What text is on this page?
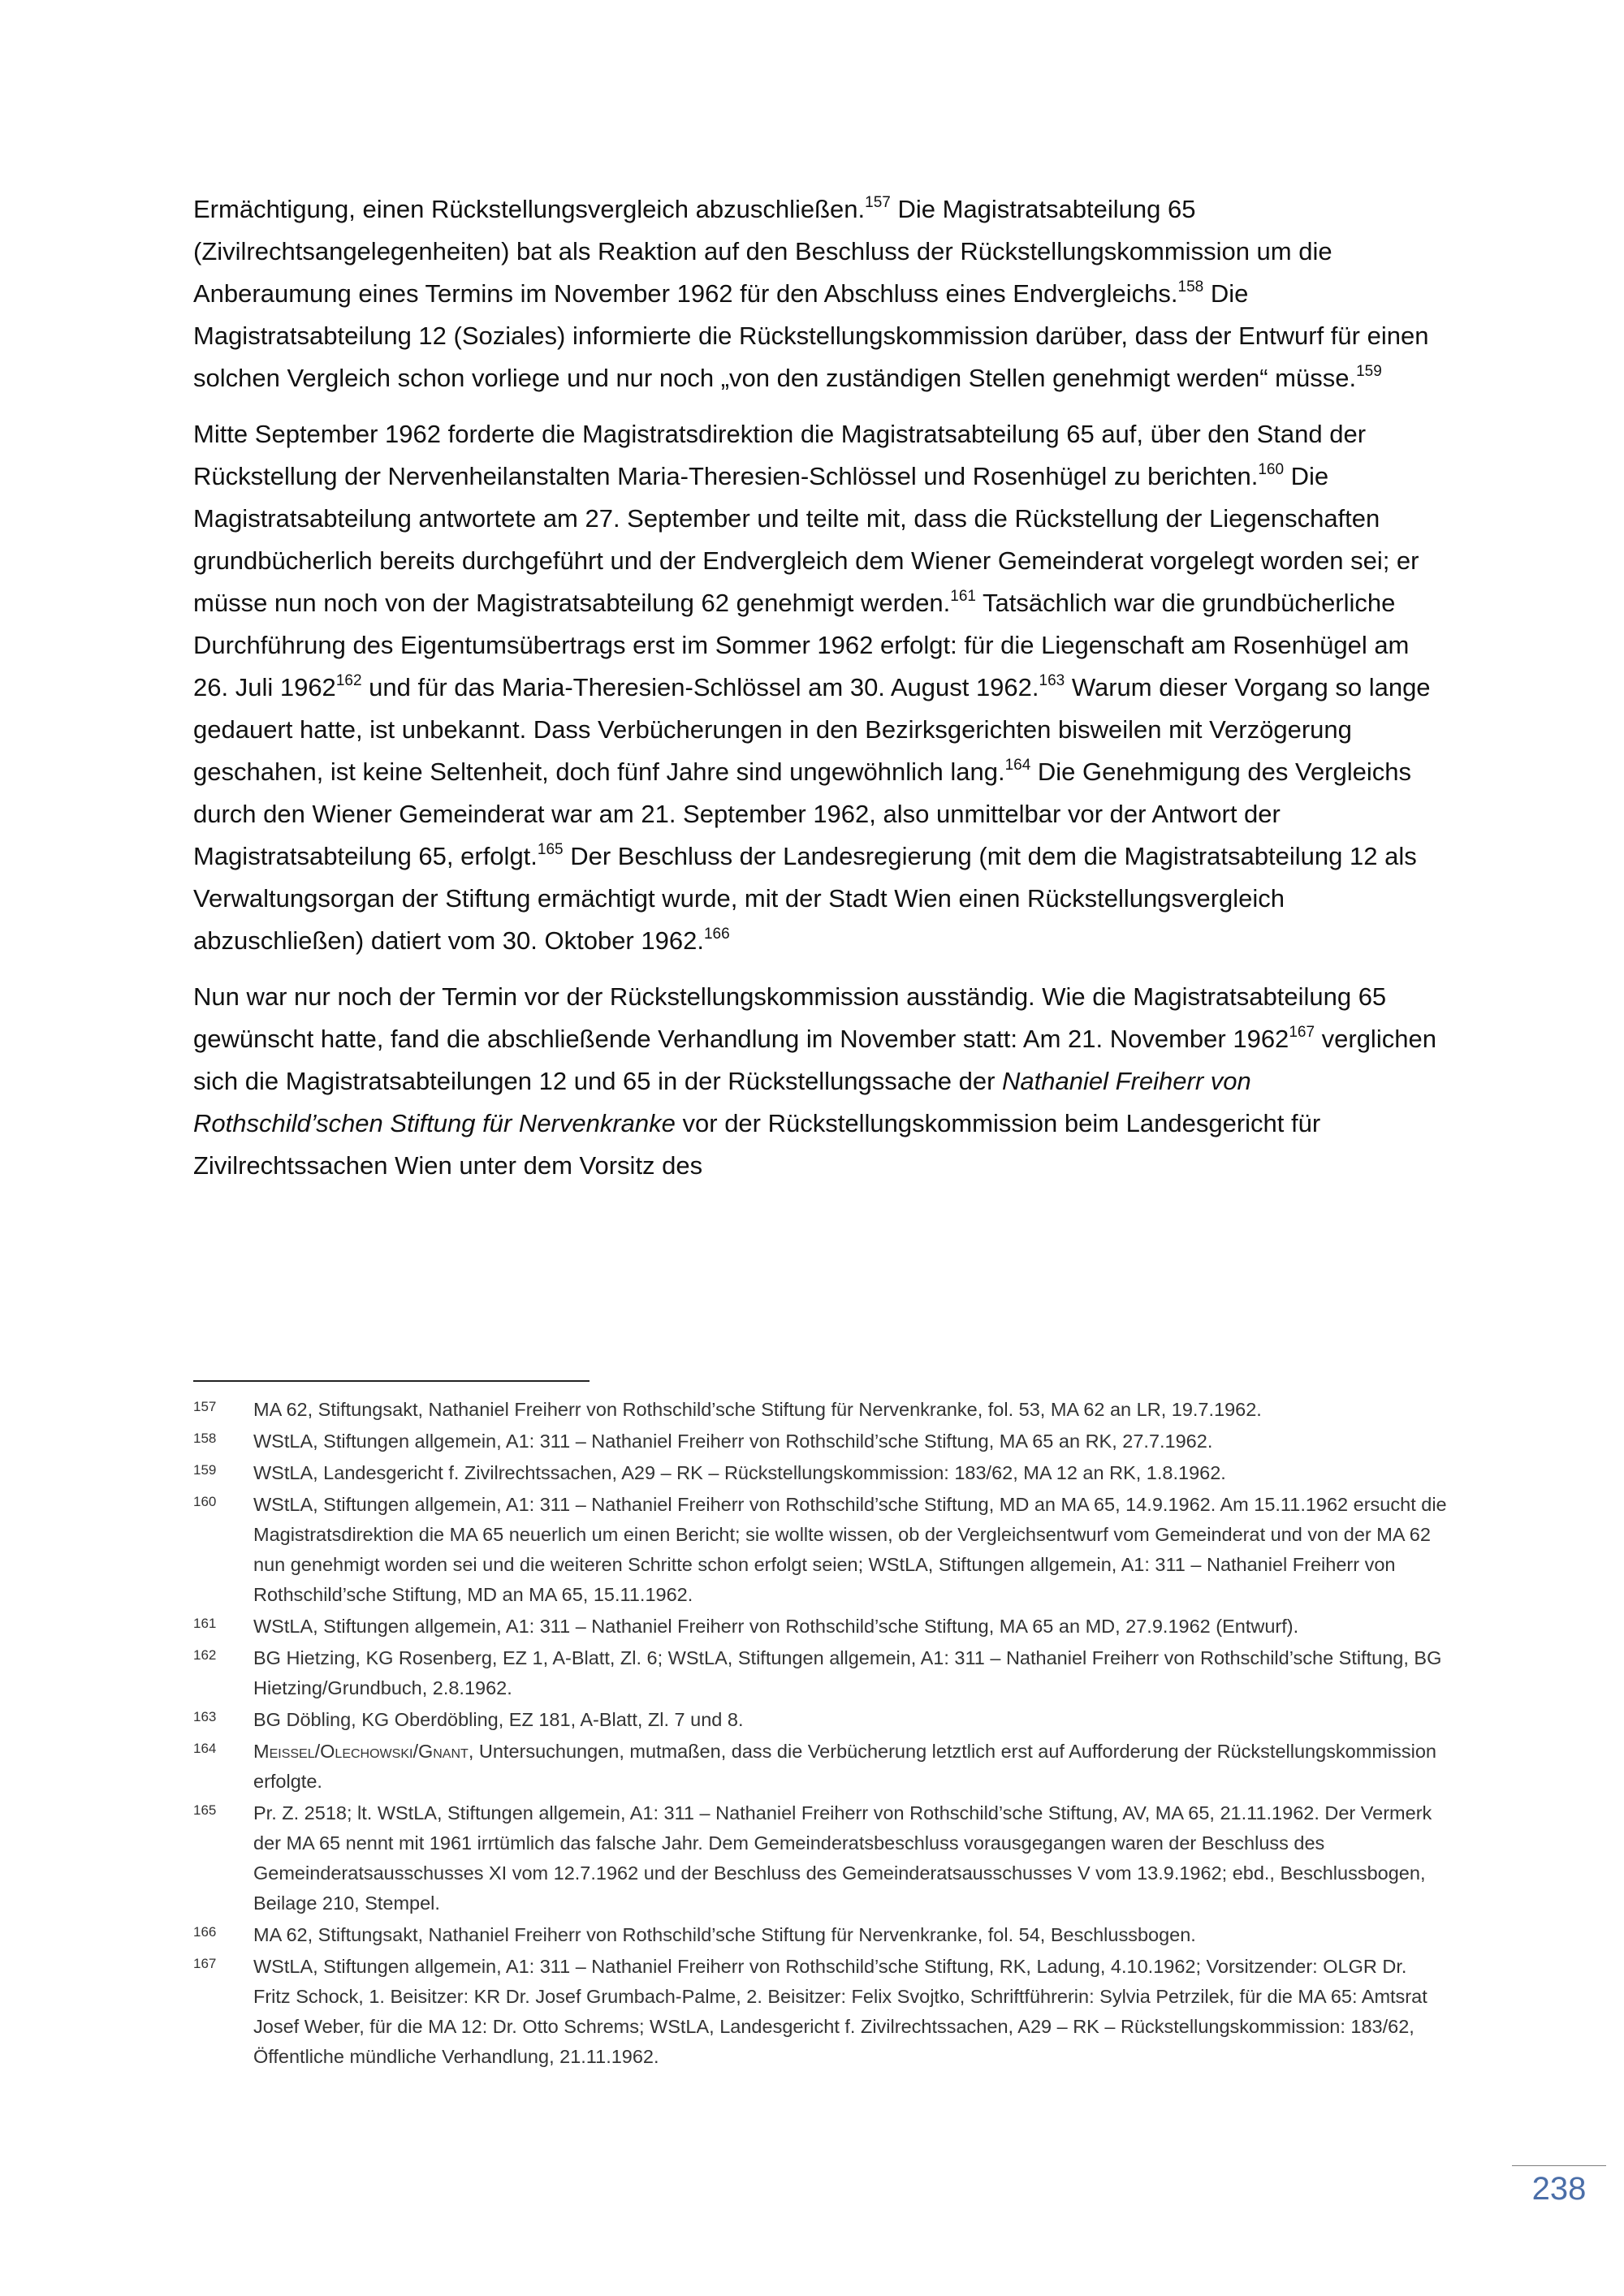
Ermächtigung, einen Rückstellungsvergleich abzuschließen.$^{157}$ Die Magistratsabteilung 65 (Zivilrechtsangelegenheiten) bat als Reaktion auf den Beschluss der Rückstellungskommission um die Anberaumung eines Termins im November 1962 für den Abschluss eines Endvergleichs.$^{158}$ Die Magistratsabteilung 12 (Soziales) informierte die Rückstellungskommission darüber, dass der Entwurf für einen solchen Vergleich schon vorliege und nur noch „von den zuständigen Stellen genehmigt werden“ müsse.$^{159}$

Mitte September 1962 forderte die Magistratsdirektion die Magistratsabteilung 65 auf, über den Stand der Rückstellung der Nervenheilanstalten Maria-Theresien-Schlössel und Rosenhügel zu berichten.$^{160}$ Die Magistratsabteilung antwortete am 27. September und teilte mit, dass die Rückstellung der Liegenschaften grundbücherlich bereits durchgeführt und der Endvergleich dem Wiener Gemeinderat vorgelegt worden sei; er müsse nun noch von der Magistratsabteilung 62 genehmigt werden.$^{161}$ Tatsächlich war die grundbücherliche Durchführung des Eigentumsübertrags erst im Sommer 1962 erfolgt: für die Liegenschaft am Rosenhügel am 26. Juli 1962$^{162}$ und für das Maria-Theresien-Schlössel am 30. August 1962.$^{163}$ Warum dieser Vorgang so lange gedauert hatte, ist unbekannt. Dass Verbücherungen in den Bezirksgerichten bisweilen mit Verzögerung geschahen, ist keine Seltenheit, doch fünf Jahre sind ungewöhnlich lang.$^{164}$ Die Genehmigung des Vergleichs durch den Wiener Gemeinderat war am 21. September 1962, also unmittelbar vor der Antwort der Magistratsabteilung 65, erfolgt.$^{165}$ Der Beschluss der Landesregierung (mit dem die Magistratsabteilung 12 als Verwaltungsorgan der Stiftung ermächtigt wurde, mit der Stadt Wien einen Rückstellungsvergleich abzuschließen) datiert vom 30. Oktober 1962.$^{166}$

Nun war nur noch der Termin vor der Rückstellungskommission ausständig. Wie die Magistratsabteilung 65 gewünscht hatte, fand die abschließende Verhandlung im November statt: Am 21. November 1962$^{167}$ verglichen sich die Magistratsabteilungen 12 und 65 in der Rückstellungssache der Nathaniel Freiherr von Rothschild’schen Stiftung für Nervenkranke vor der Rückstellungskommission beim Landesgericht für Zivilrechtssachen Wien unter dem Vorsitz des

157 MA 62, Stiftungsakt, Nathaniel Freiherr von Rothschild’sche Stiftung für Nervenkranke, fol. 53, MA 62 an LR, 19.7.1962.
158 WStLA, Stiftungen allgemein, A1: 311 – Nathaniel Freiherr von Rothschild’sche Stiftung, MA 65 an RK, 27.7.1962.
159 WStLA, Landesgericht f. Zivilrechtssachen, A29 – RK – Rückstellungskommission: 183/62, MA 12 an RK, 1.8.1962.
160 WStLA, Stiftungen allgemein, A1: 311 – Nathaniel Freiherr von Rothschild’sche Stiftung, MD an MA 65, 14.9.1962. Am 15.11.1962 ersucht die Magistratsdirektion die MA 65 neuerlich um einen Bericht; sie wollte wissen, ob der Vergleichsentwurf vom Gemeinderat und von der MA 62 nun genehmigt worden sei und die weiteren Schritte schon erfolgt seien; WStLA, Stiftungen allgemein, A1: 311 – Nathaniel Freiherr von Rothschild’sche Stiftung, MD an MA 65, 15.11.1962.
161 WStLA, Stiftungen allgemein, A1: 311 – Nathaniel Freiherr von Rothschild’sche Stiftung, MA 65 an MD, 27.9.1962 (Entwurf).
162 BG Hietzing, KG Rosenberg, EZ 1, A-Blatt, Zl. 6; WStLA, Stiftungen allgemein, A1: 311 – Nathaniel Freiherr von Rothschild’sche Stiftung, BG Hietzing/Grundbuch, 2.8.1962.
163 BG Döbling, KG Oberdöbling, EZ 181, A-Blatt, Zl. 7 und 8.
164 Meissel/Olechowski/Gnant, Untersuchungen, mutmaßen, dass die Verbücherung letztlich erst auf Aufforderung der Rückstellungskommission erfolgte.
165 Pr. Z. 2518; lt. WStLA, Stiftungen allgemein, A1: 311 – Nathaniel Freiherr von Rothschild’sche Stiftung, AV, MA 65, 21.11.1962. Der Vermerk der MA 65 nennt mit 1961 irrtümlich das falsche Jahr. Dem Gemeinderatsbeschluss vorausgegangen waren der Beschluss des Gemeinderatsausschusses XI vom 12.7.1962 und der Beschluss des Gemeinderatsausschusses V vom 13.9.1962; ebd., Beschlussbogen, Beilage 210, Stempel.
166 MA 62, Stiftungsakt, Nathaniel Freiherr von Rothschild’sche Stiftung für Nervenkranke, fol. 54, Beschlussbogen.
167 WStLA, Stiftungen allgemein, A1: 311 – Nathaniel Freiherr von Rothschild’sche Stiftung, RK, Ladung, 4.10.1962; Vorsitzender: OLGR Dr. Fritz Schock, 1. Beisitzer: KR Dr. Josef Grumbach-Palme, 2. Beisitzer: Felix Svojtko, Schriftführerin: Sylvia Petrzilek, für die MA 65: Amtsrat Josef Weber, für die MA 12: Dr. Otto Schrems; WStLA, Landesgericht f. Zivilrechtssachen, A29 – RK – Rückstellungskommission: 183/62, Öffentliche mündliche Verhandlung, 21.11.1962.
238
